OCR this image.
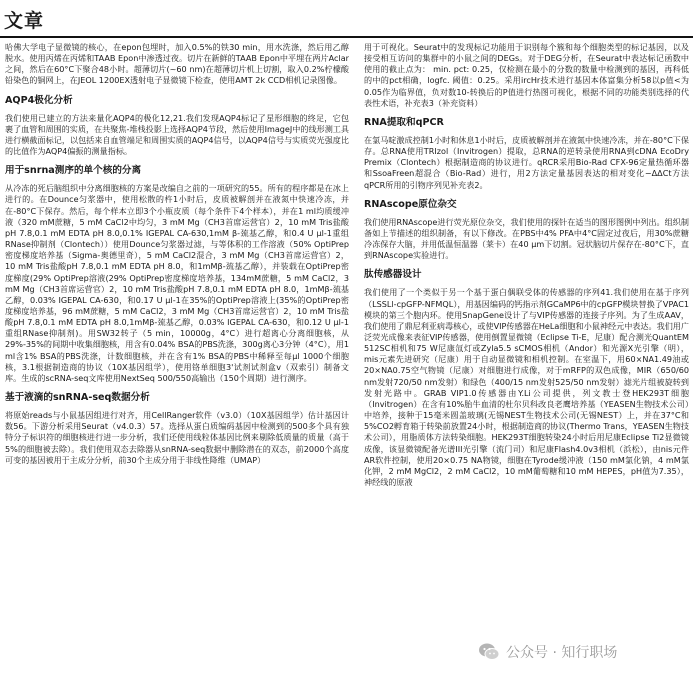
文章

哈佛大学电子显微镜的核心，在epon包埋时，加入0.5%的铁30 min，用水洗涤，然后用乙醇脱水。使用丙烯在丙烯和TAAB Epon中渗透过夜。切片在新鲜的TAAB Epon中平埋在两片Aclar之间，然后在60°C下聚合48小时。超薄切片(~60 nm)在超薄切片机上切割，取入0.2%柠檬酸铅染色的铜网上，在JEOL 1200EX透射电子显微镜下检查，使用AMT 2k CCD相机记录图像。

AQP4极化分析

我们使用已建立的方法来量化AQP4的极化12,21.我们发现AQP4标记了星形细胞的终足，它包裹了血管和周围的实质，在共聚焦-堆栈投影上选择AQP4节段，然后使用ImageJ中的线形测工具进行横截面标记，以包括来自血管端足和周围实质的AQP4信号，以AQP4信号与实质荧光强度比的比值作为AQP4偏振的测量指标。

用于snrna测序的单个核的分离

从冷冻的死后脑组织中分离细胞核的方案是改编自之前的一项研究的55。所有的程序都是在冰上进行的。在Dounce匀浆器中，使用松散的杵1小时后，皮质被解剖并在液氮中快速冷冻，并在-80°C下保存。然后，每个样本立即3个小瓶皮质（每个条件下4个样本），并在1 ml均质缓冲液（320 mM蔗糖，5 mM CaCl2中均匀，3 mM Mg（CH3首席运营官）2，10 mM Tris盐酸pH 7.8,0.1 mM EDTA pH 8.0,0.1% IGEPAL CA-630,1mM β-巯基乙醇，和0.4 U μl-1重组RNase抑制剂（Clontech））使用Dounce匀浆器过滤，与等体积的工作溶液（50% OptiPrep密度梯度培养基（Sigma-奥德里奇），5 mM CaCl2混合，3 mM Mg（CH3首席运营官）2，10 mM Tris盐酸pH 7.8,0.1 mM EDTA pH 8.0，和1mMβ-巯基乙醇），并装载在OptiPrep密度梯度(29% OptiPrep溶液(29% OptiPrep密度梯度培养基，134mM蔗糖，5 mM CaCl2，3 mM Mg（CH3首席运营官）2，10 mM Tris盐酸pH 7.8,0.1 mM EDTA pH 8.0，1mMβ-巯基乙醇，0.03% IGEPAL CA-630，和0.17 U μl-1在35%的OptiPrep溶液上(35%的OptiPrep密度梯度培养基，96 mM蔗糖，5 mM CaCl2，3 mM Mg（CH3首席运营官）2，10 mM Tris盐酸pH 7.8,0.1 mM EDTA pH 8.0,1mMβ-巯基乙醇，0.03% IGEPAL CA-630，和0.12 U μl-1重组RNase抑制剂)。用SW32转子（5 min，10000g，4°C）进行超离心分离细胞核，从29%-35%的间期中收集细胞核，用含有0.04% BSA的PBS洗涤，300g离心3分钟（4°C），用1 ml含1% BSA的PBS洗涤，计数细胞核，并在含有1% BSA的PBS中稀释至每μl 1000个细胞核，3.1根据制造商的协议（10X基因组学），使用铬单细胞3'试剂试剂盒v（双索引）制备文库。生成的scRNA-seq文库使用NextSeq 500/550高输出（150个周期）进行测序。

基于液滴的snRNA-seq数据分析

将原始reads与小鼠基因组进行对齐，用CellRanger软件（v3.0）（10X基因组学）估计基因计数56。下游分析采用Seurat（v4.0.3）57。选择从蛋白质编码基因中检测到的500多个具有独特分子标识符的细胞核进行进一步分析，我们还使用线粒体基因比例来剔除低质量的质量（高于5%的细胞被去除）。我们使用双态去除器从snRNA-seq数据中删除潜在的双态，前2000个高度可变的基因被用于主成分分析，前30个主成分用于非线性降维（UMAP）

用于可视化。Seurat中的发现标记功能用于识别每个簇和每个细胞类型的标记基因，以及接受相互访问的集群中的小鼠之间的DEGs。对于DEG分析，在Seurat中表达标记函数中使用的截止点为： min. pct: 0.25，仅检测在最小的分数的数量中检测到的基因，再科低的中的pct相确，logfc. 阈值：0.25。采用ircHr技术进行基因本体富集分析58以p值<为0.05作为临界值，负对数10-转换后的P值进行热图可视化，根据不同的功能类别选择的代表性术语，补充表3（补充资料）

RNA提取和qPCR

在氯马啶激成控制1小时和休息1小时后，皮质被解剖并在液氮中快速冷冻，并在-80°C下保存。总RNA使用TRIzol（Invitrogen）提取，总RNA的逆转录使用RNA到cDNA EcoDry Premix（Clontech）根据制造商的协议进行。qRCR采用Bio-Rad CFX-96定量热循环器和SsoaFreen超混合（Bio-Rad）进行，用2方法定量基因表达的相对变化−ΔΔCt方法qPCR所用的引物序列见补充表2。

RNAscope原位杂交

我们使用RNAscope进行荧光原位杂交，我们使用的探针在适当的图形图例中列出。组织制备如上节描述的组织制备，有以下修改。在PBS中4% PFA中4°C固定过夜后，用30%蔗糖冷冻保存大脑，并用低温恒温器（莱卡）在40 μm下切割。冠状脑切片保存在-80°C下，直到RNAscope实验进行。

肽传感器设计

我们使用了一个类似于另一个基于蛋白偶联受体的传感器的序列41.我们使用在基于序列（LSSLl-cpGFP-NFMQL），用基因编码的钙指示剂GCaMP6中的cpGFP模块替换了VPAC1模块的第三个胞内环。使用SnapGene设计了与VIP传感器的连接子序列。为了生成AAV，我们使用了鼎尼利亚病毒核心，或使VIP传感器在HeLa细胞和小鼠神经元中表达。我们用广泛荧光成像来表征VIP传感器，使用倒置显微镜（Eclipse Ti-E，尼康）配合测光QuantEM 512SC相机和75 W尼康氙灯或Zyla5.5 sCMOS相机（Andor）和光源X光引擎（明），mis元素先进研究（尼康）用于自动显微镜和相机控制。在室温下，用60×NA1.49油或20×NA0.75空气物镜（尼康）对细胞进行成像，对于mRFP的双色成像，MIR（650/60 nm发射720/50 nm发射）和绿色（400/15 nm发射525/50 nm发射）滤光片组被旋转到发射光路中。GRAB VIP1.0传感器由Y.Li公司提供，列文教士登HEK293T细胞（Invitrogen）在含有10%胎牛血清的杜尔贝科改良老鹰培养基（YEASEN生物技术公司）中培养，接种于15毫米圆盖玻璃(无锡NEST生物技术公司(无锡NEST）上，并在37°C和5%CO2孵育箱于转染前放置24小时，根据制造商的协议(Thermo Trans，YEASEN生物技术公司），用脂质体方法转染细胞。HEK293T细胞转染24小时后用尼康Eclipse Ti2显微镜成像，该显微镜配备光谱III光引擎（流门司）和尼康Flash4.0v3相机（浜松），由nis元件AR软件控制，使用20×0.75 NA物镜，细胞在Tyrode缓冲液（150 mM氯化钠，4 mM氯化钾，2 mM MgCl2，2 mM CaCl2，10 mM葡萄糖和10 mM HEPES，pH值为7.35），神经线的原液

公众号 · 知行职场
